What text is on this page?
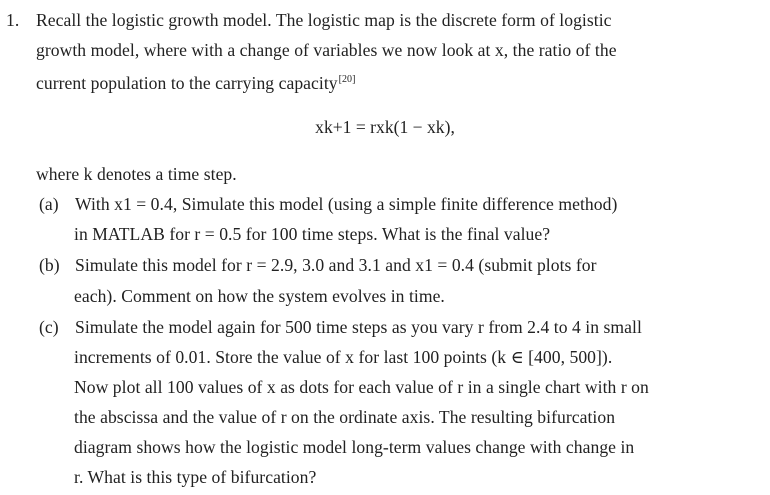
1. Recall the logistic growth model. The logistic map is the discrete form of logistic
growth model, where with a change of variables we now look at x, the ratio of the
current population to the carrying capacity[20]
xk+1 = rxk(1 − xk),
where k denotes a time step.
(a) With x1 = 0.4, Simulate this model (using a simple finite difference method)
in MATLAB for r = 0.5 for 100 time steps. What is the final value?
(b) Simulate this model for r = 2.9, 3.0 and 3.1 and x1 = 0.4 (submit plots for
each). Comment on how the system evolves in time.
(c) Simulate the model again for 500 time steps as you vary r from 2.4 to 4 in small
increments of 0.01. Store the value of x for last 100 points (k ∈ [400, 500]).
Now plot all 100 values of x as dots for each value of r in a single chart with r on
the abscissa and the value of r on the ordinate axis. The resulting bifurcation
diagram shows how the logistic model long-term values change with change in
r. What is this type of bifurcation?
